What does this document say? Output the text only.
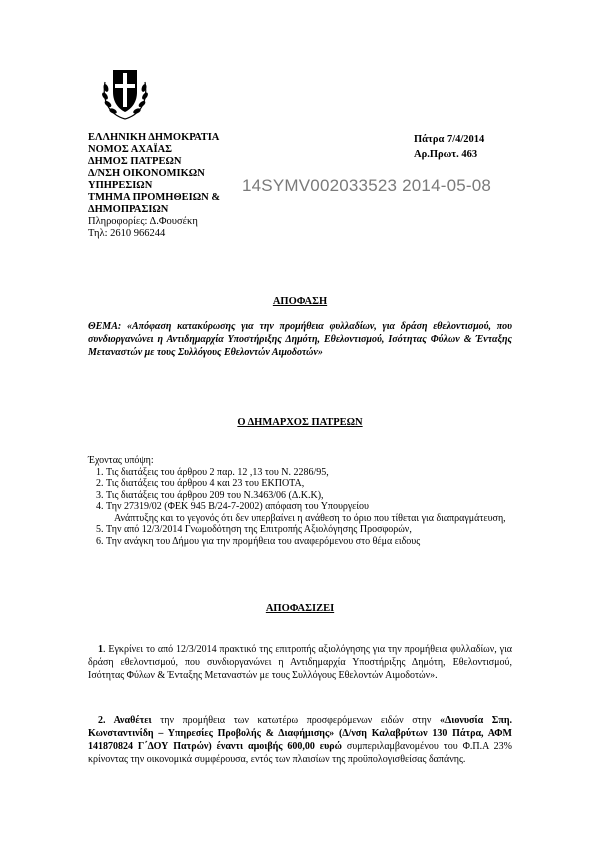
ΕΛΛΗΝΙΚΗ ΔΗΜΟΚΡΑΤΙΑ
ΝΟΜΟΣ ΑΧΑΪΑΣ
ΔΗΜΟΣ ΠΑΤΡΕΩΝ
Δ/ΝΣΗ ΟΙΚΟΝΟΜΙΚΩΝ
ΥΠΗΡΕΣΙΩΝ
ΤΜΗΜΑ ΠΡΟΜΗΘΕΙΩΝ &
ΔΗΜΟΠΡΑΣΙΩΝ
Πληροφορίες: Δ.Φουσέκη
Τηλ: 2610 966244
Πάτρα 7/4/2014
Αρ.Πρωτ. 463
14SYMV002033523 2014-05-08
ΑΠΟΦΑΣΗ
ΘΕΜΑ: «Απόφαση κατακύρωσης για την προμήθεια φυλλαδίων, για δράση εθελοντισμού, που συνδιοργανώνει η Αντιδημαρχία Υποστήριξης Δημότη, Εθελοντισμού, Ισότητας Φύλων & Ένταξης Μεταναστών με τους Συλλόγους Εθελοντών Αιμοδοτών»
Ο ΔΗΜΑΡΧΟΣ ΠΑΤΡΕΩΝ
Έχοντας υπόψη:
1. Τις διατάξεις του άρθρου 2 παρ. 12 ,13 του Ν. 2286/95,
2. Τις διατάξεις του άρθρου 4 και 23 του ΕΚΠΟΤΑ,
3. Τις διατάξεις του άρθρου 209 του Ν.3463/06 (Δ.Κ.Κ),
4. Την 27319/02 (ΦΕΚ 945 Β/24-7-2002) απόφαση του Υπουργείου
Ανάπτυξης και το γεγονός ότι δεν υπερβαίνει η ανάθεση το όριο που τίθεται για διαπραγμάτευση,
5. Την από 12/3/2014 Γνωμοδότηση της Επιτροπής Αξιολόγησης Προσφορών,
6. Την ανάγκη του Δήμου για την προμήθεια του αναφερόμενου στο θέμα ειδους
ΑΠΟΦΑΣΙΖΕΙ
1. Εγκρίνει το από 12/3/2014 πρακτικό της επιτροπής αξιολόγησης για την προμήθεια φυλλαδίων, για δράση εθελοντισμού, που συνδιοργανώνει η Αντιδημαρχία Υποστήριξης Δημότη, Εθελοντισμού, Ισότητας Φύλων & Ένταξης Μεταναστών με τους Συλλόγους Εθελοντών Αιμοδοτών».
2. Αναθέτει την προμήθεια των κατωτέρω προσφερόμενων ειδών στην «Διονυσία Σπη. Κωνσταντινίδη – Υπηρεσίες Προβολής & Διαφήμισης» (Δ/νση Καλαβρύτων 130 Πάτρα, ΑΦΜ 141870824 Γ΄ΔΟΥ Πατρών) έναντι αμοιβής 600,00 ευρώ συμπεριλαμβανομένου του Φ.Π.Α 23% κρίνοντας την οικονομικά συμφέρουσα, εντός των πλαισίων της προϋπολογισθείσας δαπάνης.
